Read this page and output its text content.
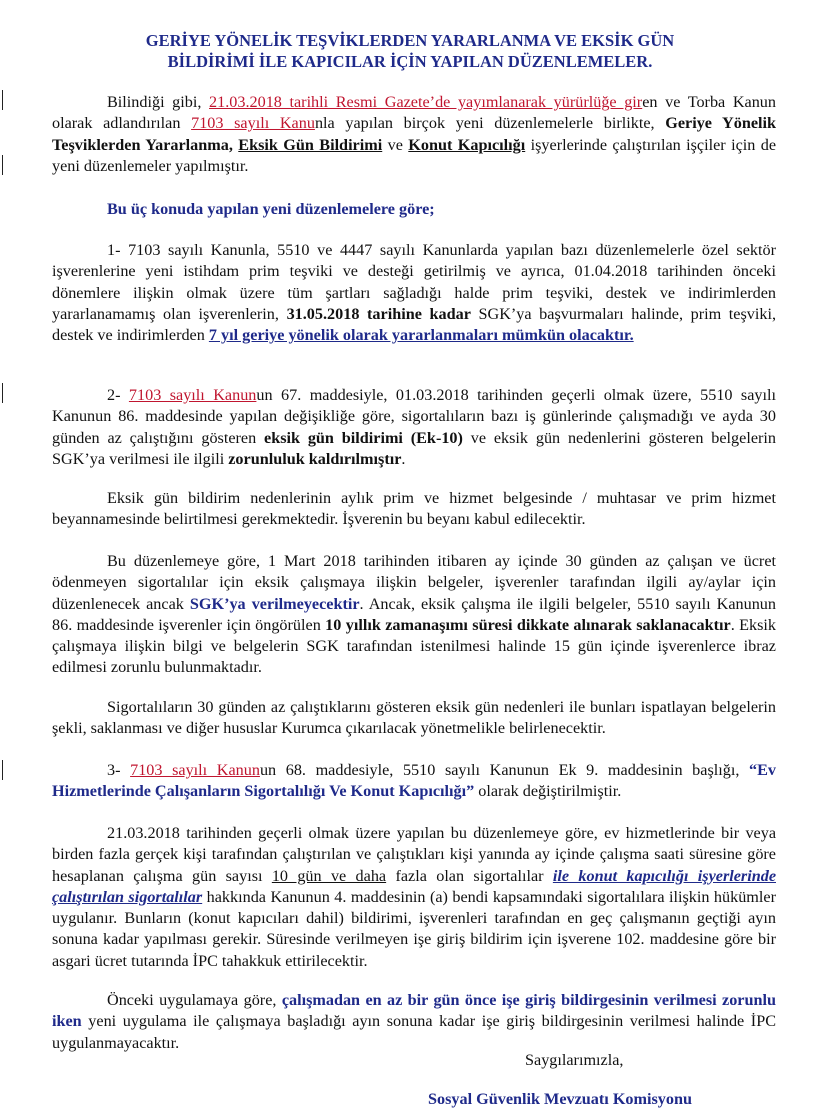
GERİYE YÖNELİK TEŞVİKLERDEN YARARLANMA VE EKSİK GÜN
BİLDİRİMİ İLE KAPICILAR İÇİN YAPILAN DÜZENLEMELER.

Bilindiği gibi, 21.03.2018 tarihli Resmi Gazete’de yayımlanarak yürürlüğe giren ve Torba Kanun olarak adlandırılan 7103 sayılı Kanunla yapılan birçok yeni düzenlemelerle birlikte, Geriye Yönelik Teşviklerden Yararlanma, Eksik Gün Bildirimi ve Konut Kapıcılığı işyerlerinde çalıştırılan işçiler için de yeni düzenlemeler yapılmıştır.

Bu üç konuda yapılan yeni düzenlemelere göre;

1- 7103 sayılı Kanunla, 5510 ve 4447 sayılı Kanunlarda yapılan bazı düzenlemelerle özel sektör işverenlerine yeni istihdam prim teşviki ve desteği getirilmiş ve ayrıca, 01.04.2018 tarihinden önceki dönemlere ilişkin olmak üzere tüm şartları sağladığı halde prim teşviki, destek ve indirimlerden yararlanamamış olan işverenlerin, 31.05.2018 tarihine kadar SGK’ya başvurmaları halinde, prim teşviki, destek ve indirimlerden 7 yıl geriye yönelik olarak yararlanmaları mümkün olacaktır.

2- 7103 sayılı Kanunun 67. maddesiyle, 01.03.2018 tarihinden geçerli olmak üzere, 5510 sayılı Kanunun 86. maddesinde yapılan değişikliğe göre, sigortalıların bazı iş günlerinde çalışmadığı ve ayda 30 günden az çalıştığını gösteren eksik gün bildirimi (Ek-10) ve eksik gün nedenlerini gösteren belgelerin SGK’ya verilmesi ile ilgili zorunluluk kaldırılmıştır.

Eksik gün bildirim nedenlerinin aylık prim ve hizmet belgesinde / muhtasar ve prim hizmet beyannamesinde belirtilmesi gerekmektedir. İşverenin bu beyanı kabul edilecektir.

Bu düzenlemeye göre, 1 Mart 2018 tarihinden itibaren ay içinde 30 günden az çalışan ve ücret ödenmeyen sigortalılar için eksik çalışmaya ilişkin belgeler, işverenler tarafından ilgili ay/aylar için düzenlenecek ancak SGK’ya verilmeyecektir. Ancak, eksik çalışma ile ilgili belgeler, 5510 sayılı Kanunun 86. maddesinde işverenler için öngörülen 10 yıllık zamanaşımı süresi dikkate alınarak saklanacaktır. Eksik çalışmaya ilişkin bilgi ve belgelerin SGK tarafından istenilmesi halinde 15 gün içinde işverenlerce ibraz edilmesi zorunlu bulunmaktadır.

Sigortalıların 30 günden az çalıştıklarını gösteren eksik gün nedenleri ile bunları ispatlayan belgelerin şekli, saklanması ve diğer hususlar Kurumca çıkarılacak yönetmelikle belirlenecektir.

3- 7103 sayılı Kanunun 68. maddesiyle, 5510 sayılı Kanunun Ek 9. maddesinin başlığı, “Ev Hizmetlerinde Çalışanların Sigortalılığı Ve Konut Kapıcılığı” olarak değiştirilmiştir.

21.03.2018 tarihinden geçerli olmak üzere yapılan bu düzenlemeye göre, ev hizmetlerinde bir veya birden fazla gerçek kişi tarafından çalıştırılan ve çalıştıkları kişi yanında ay içinde çalışma saati süresine göre hesaplanan çalışma gün sayısı 10 gün ve daha fazla olan sigortalılar ile konut kapıcılığı işyerlerinde çalıştırılan sigortalılar hakkında Kanunun 4. maddesinin (a) bendi kapsamındaki sigortalılara ilişkin hükümler uygulanır. Bunların (konut kapıcıları dahil) bildirimi, işverenleri tarafından en geç çalışmanın geçtiği ayın sonuna kadar yapılması gerekir. Süresinde verilmeyen işe giriş bildirim için işverene 102. maddesine göre bir asgari ücret tutarında İPC tahakkuk ettirilecektir.

Önceki uygulamaya göre, çalışmadan en az bir gün önce işe giriş bildirgesinin verilmesi zorunlu iken yeni uygulama ile çalışmaya başladığı ayın sonuna kadar işe giriş bildirgesinin verilmesi halinde İPC uygulanmayacaktır.

Saygılarımızla,
Sosyal Güvenlik Mevzuatı Komisyonu
